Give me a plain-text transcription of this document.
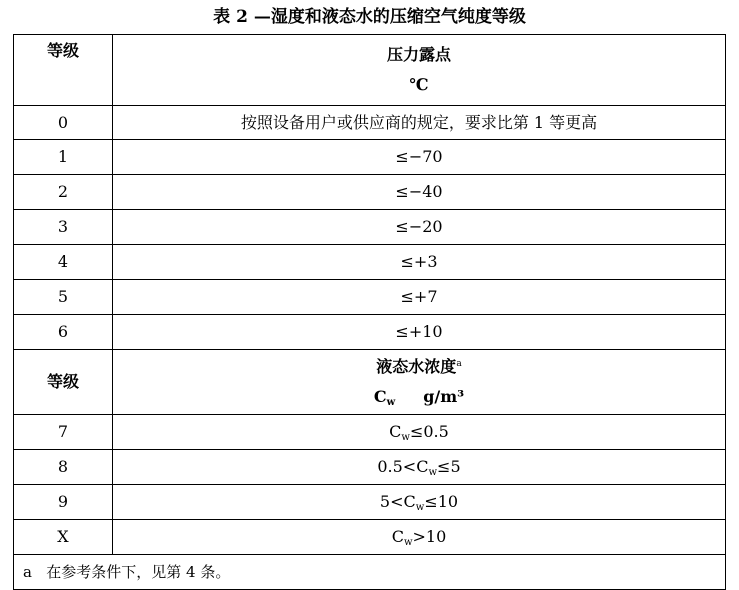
表 2 —湿度和液态水的压缩空气纯度等级
等级	压力露点
℃

0	按照设备用户或供应商的规定，要求比第 1 等更高
1	≤−70
2	≤−40
3	≤−20
4	≤+3
5	≤+7
6	≤+10
等级	液态水浓度$^a$
$C_w$ g/m³

7	$C_w\le 0.5$
8	$0.5<C_w\le 5$
9	$5<C_w\le 10$
X	$C_w>10$
a 在参考条件下，见第 4 条。	
